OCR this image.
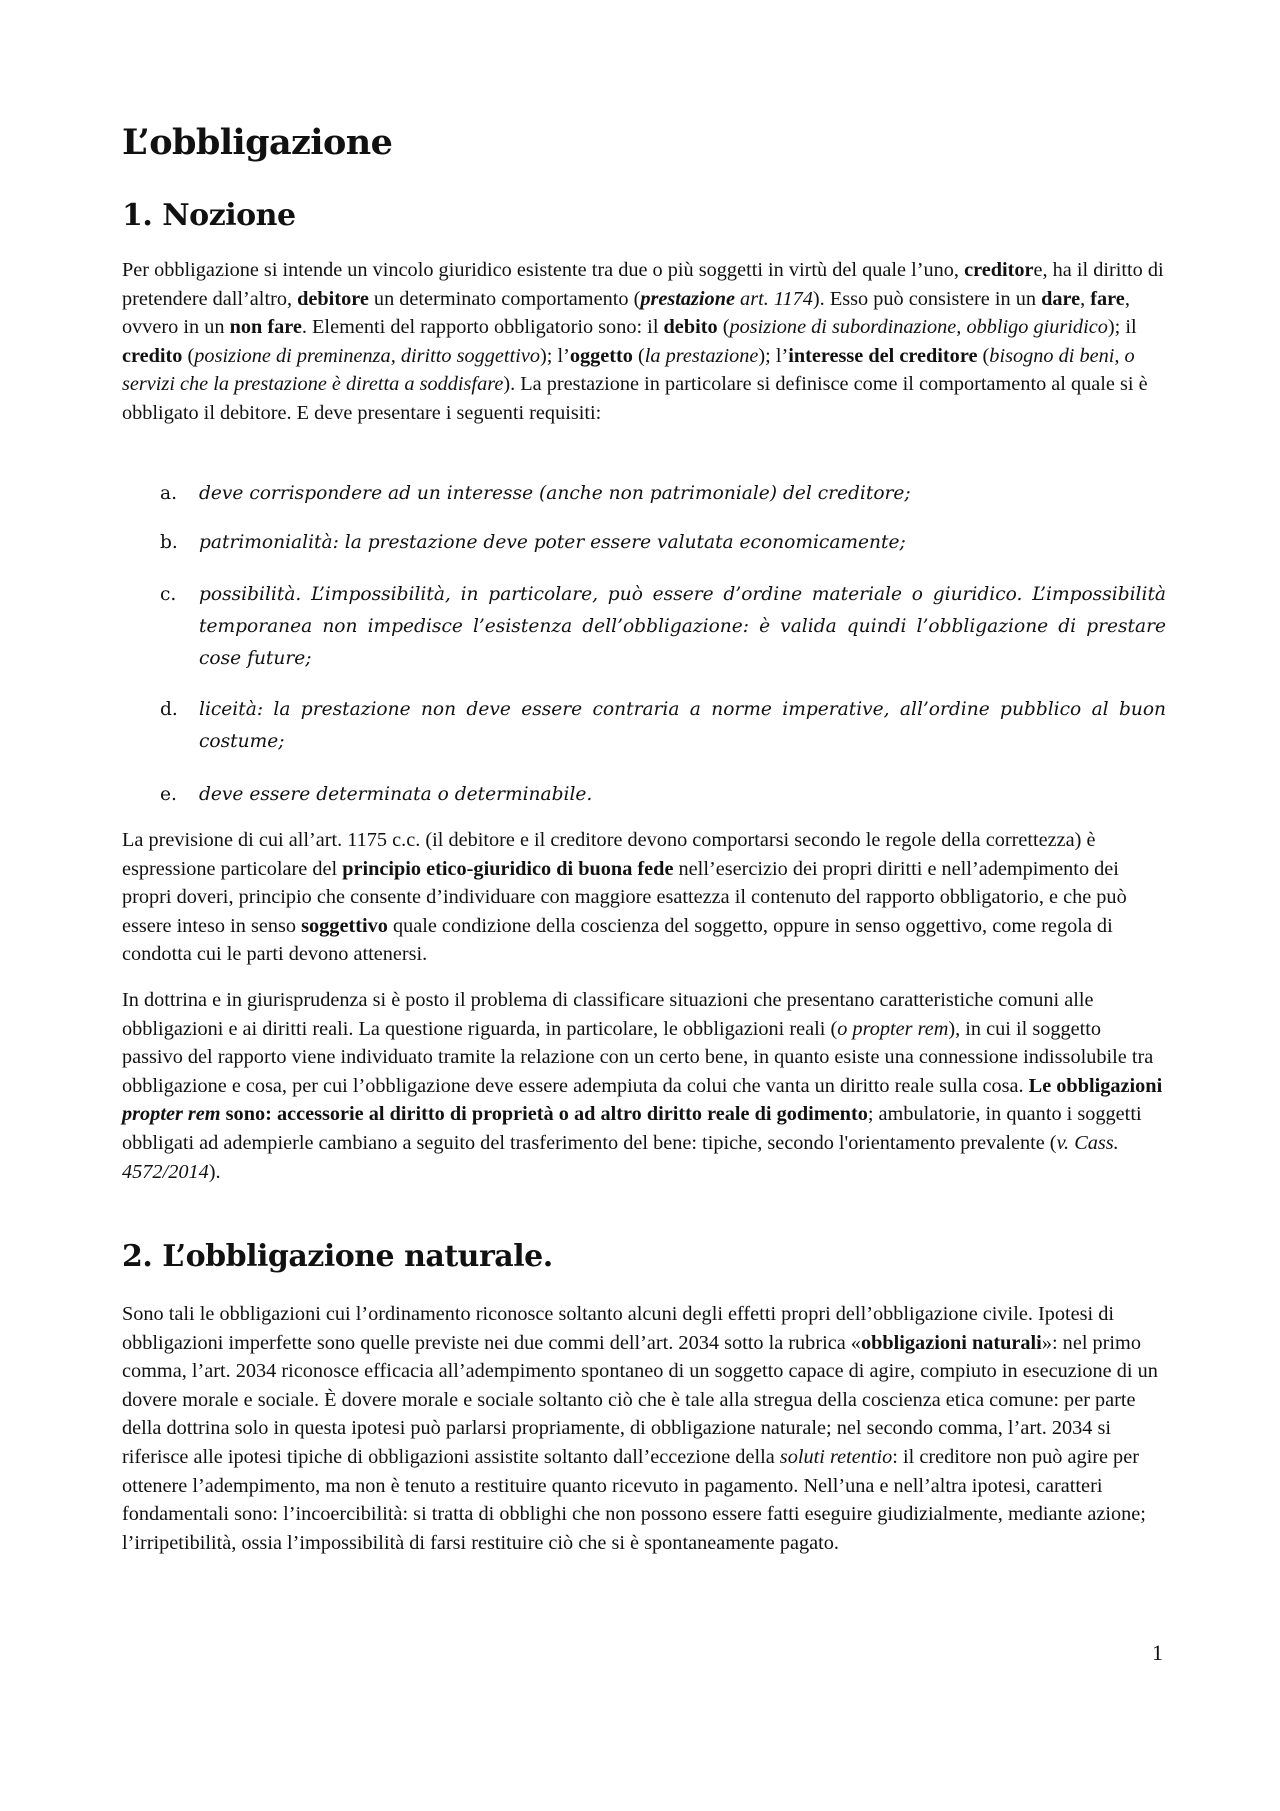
L’obbligazione
1. Nozione

Per obbligazione si intende un vincolo giuridico esistente tra due o più soggetti in virtù del quale l’uno, creditore, ha il diritto di pretendere dall’altro, debitore un determinato comportamento (prestazione art. 1174). Esso può consistere in un dare, fare, ovvero in un non fare. Elementi del rapporto obbligatorio sono: il debito (posizione di subordinazione, obbligo giuridico); il credito (posizione di preminenza, diritto soggettivo); l’oggetto (la prestazione); l’interesse del creditore (bisogno di beni, o servizi che la prestazione è diretta a soddisfare). La prestazione in particolare si definisce come il comportamento al quale si è obbligato il debitore. E deve presentare i seguenti requisiti:

a. deve corrispondere ad un interesse (anche non patrimoniale) del creditore;
b. patrimonialità: la prestazione deve poter essere valutata economicamente;
c. possibilità. L’impossibilità, in particolare, può essere d’ordine materiale o giuridico. L’impossibilità temporanea non impedisce l’esistenza dell’obbligazione: è valida quindi l’obbligazione di prestare cose future;
d. liceità: la prestazione non deve essere contraria a norme imperative, all’ordine pubblico al buon costume;
e. deve essere determinata o determinabile.

La previsione di cui all’art. 1175 c.c. (il debitore e il creditore devono comportarsi secondo le regole della correttezza) è espressione particolare del principio etico-giuridico di buona fede nell’esercizio dei propri diritti e nell’adempimento dei propri doveri, principio che consente d’individuare con maggiore esattezza il contenuto del rapporto obbligatorio, e che può essere inteso in senso soggettivo quale condizione della coscienza del soggetto, oppure in senso oggettivo, come regola di condotta cui le parti devono attenersi.

In dottrina e in giurisprudenza si è posto il problema di classificare situazioni che presentano caratteristiche comuni alle obbligazioni e ai diritti reali. La questione riguarda, in particolare, le obbligazioni reali (o propter rem), in cui il soggetto passivo del rapporto viene individuato tramite la relazione con un certo bene, in quanto esiste una connessione indissolubile tra obbligazione e cosa, per cui l’obbligazione deve essere adempiuta da colui che vanta un diritto reale sulla cosa. Le obbligazioni propter rem sono: accessorie al diritto di proprietà o ad altro diritto reale di godimento; ambulatorie, in quanto i soggetti obbligati ad adempierle cambiano a seguito del trasferimento del bene: tipiche, secondo l'orientamento prevalente (v. Cass. 4572/2014).

2. L’obbligazione naturale.

Sono tali le obbligazioni cui l’ordinamento riconosce soltanto alcuni degli effetti propri dell’obbligazione civile. Ipotesi di obbligazioni imperfette sono quelle previste nei due commi dell’art. 2034 sotto la rubrica «obbligazioni naturali»: nel primo comma, l’art. 2034 riconosce efficacia all’adempimento spontaneo di un soggetto capace di agire, compiuto in esecuzione di un dovere morale e sociale. È dovere morale e sociale soltanto ciò che è tale alla stregua della coscienza etica comune: per parte della dottrina solo in questa ipotesi può parlarsi propriamente, di obbligazione naturale; nel secondo comma, l’art. 2034 si riferisce alle ipotesi tipiche di obbligazioni assistite soltanto dall’eccezione della soluti retentio: il creditore non può agire per ottenere l’adempimento, ma non è tenuto a restituire quanto ricevuto in pagamento. Nell’una e nell’altra ipotesi, caratteri fondamentali sono: l’incoercibilità: si tratta di obblighi che non possono essere fatti eseguire giudizialmente, mediante azione; l’irripetibilità, ossia l’impossibilità di farsi restituire ciò che si è spontaneamente pagato.

1
